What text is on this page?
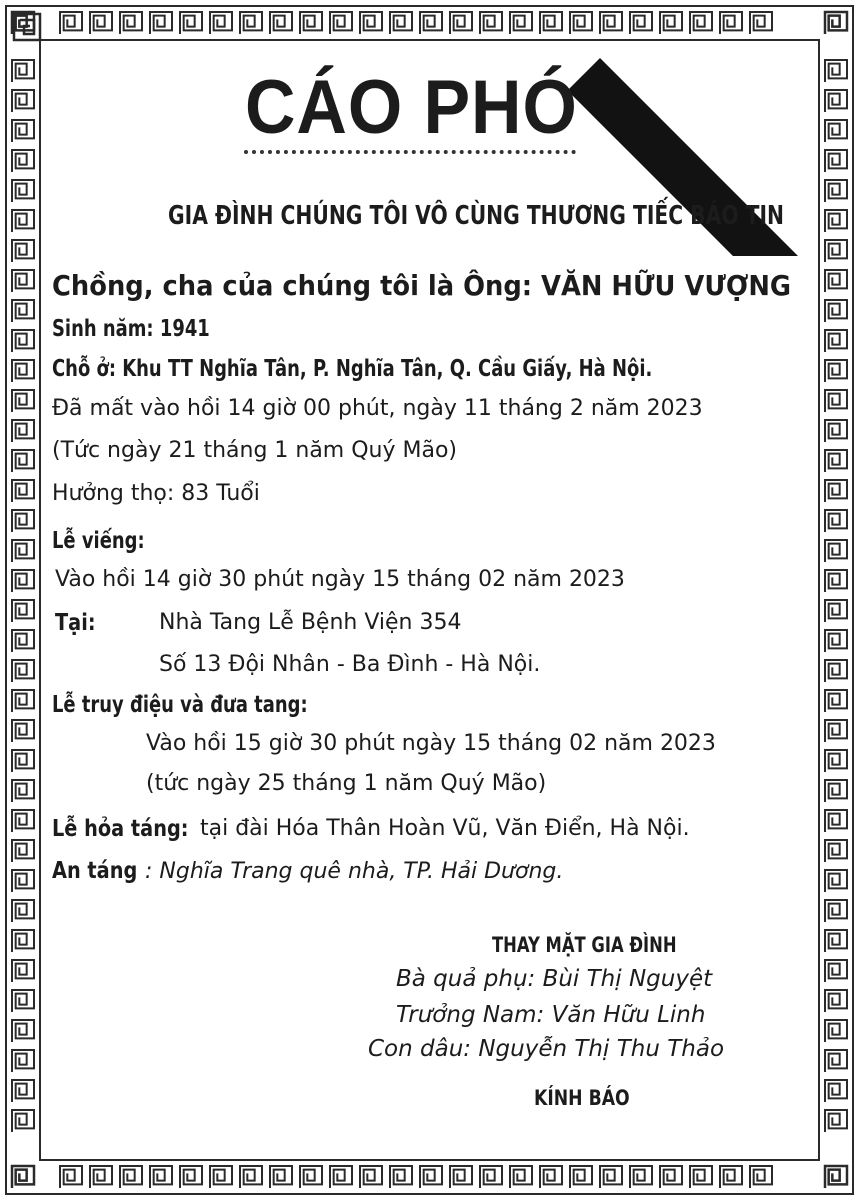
CÁO PHÓ
GIA ĐÌNH CHÚNG TÔI VÔ CÙNG THƯƠNG TIẾC BÁO TIN
Chồng, cha của chúng tôi là Ông: VĂN HỮU VƯỢNG
Sinh năm: 1941
Chỗ ở: Khu TT Nghĩa Tân, P. Nghĩa Tân, Q. Cầu Giấy, Hà Nội.
Đã mất vào hồi 14 giờ 00 phút, ngày 11 tháng 2 năm 2023
(Tức ngày 21 tháng 1 năm Quý Mão)
Hưởng thọ: 83 Tuổi
Lễ viếng:
Vào hồi 14 giờ 30 phút ngày 15 tháng 02 năm 2023
Tại:	Nhà Tang Lễ Bệnh Viện 354
Số 13 Đội Nhân - Ba Đình - Hà Nội.
Lễ truy điệu và đưa tang:
Vào hồi 15 giờ 30 phút ngày 15 tháng 02 năm 2023
(tức ngày 25 tháng 1 năm Quý Mão)
Lễ hỏa táng: tại đài Hóa Thân Hoàn Vũ, Văn Điển, Hà Nội.
An táng : Nghĩa Trang quê nhà, TP. Hải Dương.
THAY MẶT GIA ĐÌNH
Bà quả phụ: Bùi Thị Nguyệt
Trưởng Nam: Văn Hữu Linh
Con dâu: Nguyễn Thị Thu Thảo
KÍNH BÁO
